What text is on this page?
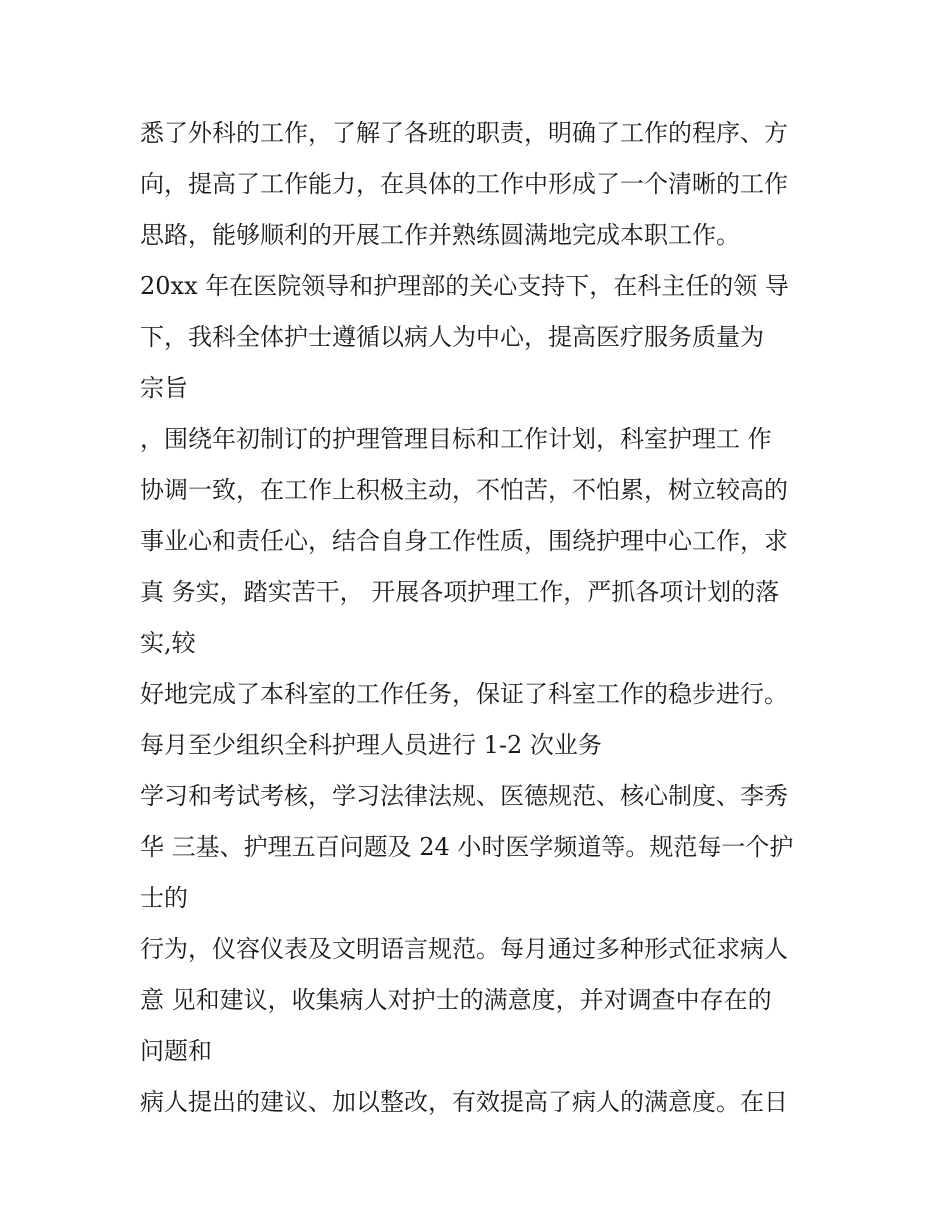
悉了外科的工作，了解了各班的职责，明确了工作的程序、方
向，提高了工作能力，在具体的工作中形成了一个清晰的工作
思路，能够顺利的开展工作并熟练圆满地完成本职工作。
20xx 年在医院领导和护理部的关心支持下，在科主任的领 导
下，我科全体护士遵循以病人为中心，提高医疗服务质量为
宗旨
，围绕年初制订的护理管理目标和工作计划，科室护理工 作
协调一致，在工作上积极主动，不怕苦，不怕累，树立较高的
事业心和责任心，结合自身工作性质，围绕护理中心工作，求
真 务实，踏实苦干， 开展各项护理工作，严抓各项计划的落
实,较
好地完成了本科室的工作任务，保证了科室工作的稳步进行。
每月至少组织全科护理人员进行 1-2 次业务
学习和考试考核，学习法律法规、医德规范、核心制度、李秀
华 三基、护理五百问题及 24 小时医学频道等。规范每一个护
士的
行为，仪容仪表及文明语言规范。每月通过多种形式征求病人
意 见和建议，收集病人对护士的满意度，并对调查中存在的
问题和
病人提出的建议、加以整改，有效提高了病人的满意度。在日
